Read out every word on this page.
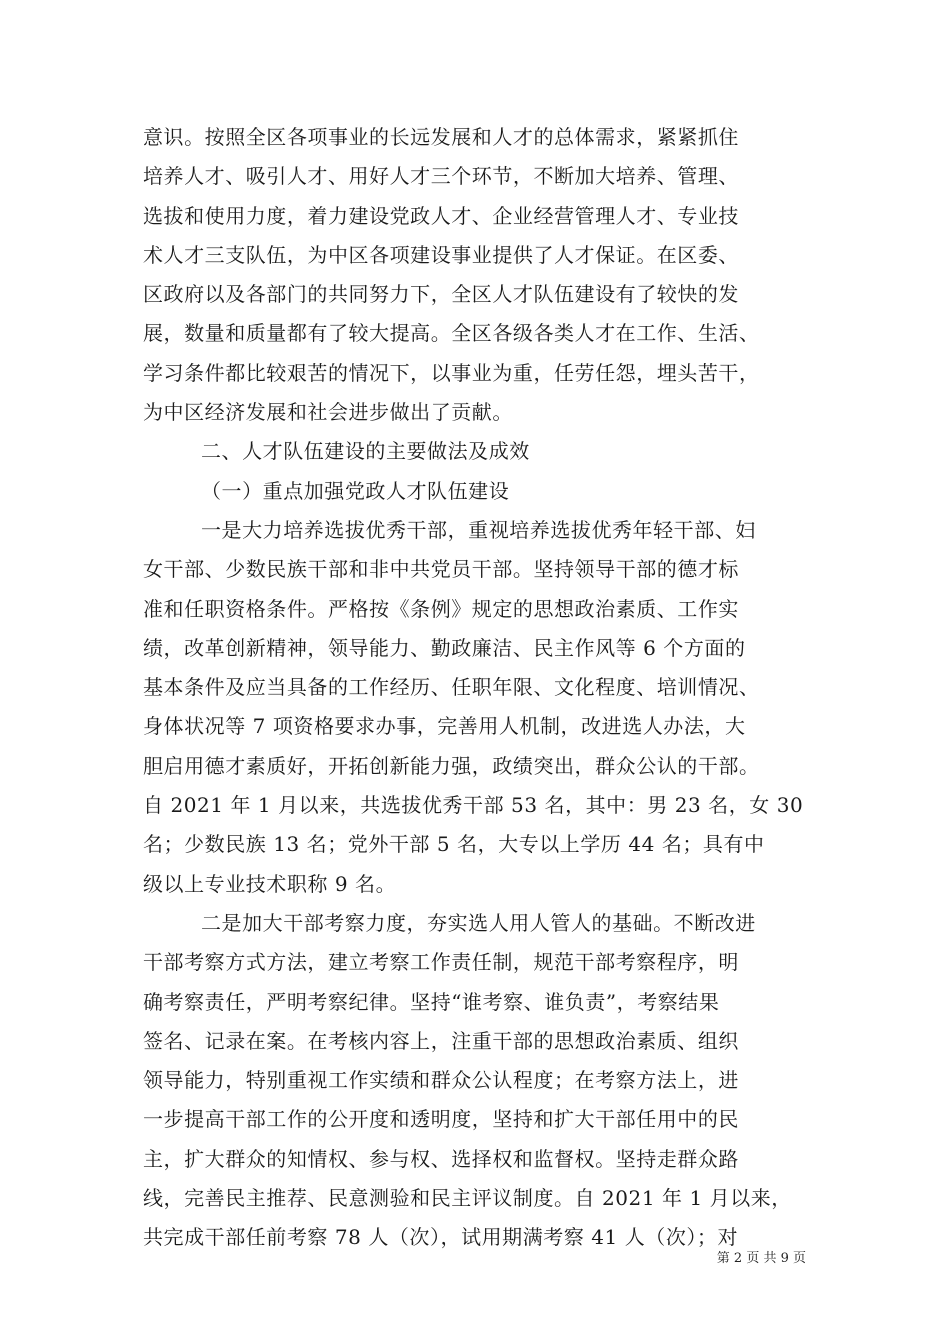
意识。按照全区各项事业的长远发展和人才的总体需求，紧紧抓住
培养人才、吸引人才、用好人才三个环节，不断加大培养、管理、
选拔和使用力度，着力建设党政人才、企业经营管理人才、专业技
术人才三支队伍，为中区各项建设事业提供了人才保证。在区委、
区政府以及各部门的共同努力下，全区人才队伍建设有了较快的发
展，数量和质量都有了较大提高。全区各级各类人才在工作、生活、
学习条件都比较艰苦的情况下，以事业为重，任劳任怨，埋头苦干，
为中区经济发展和社会进步做出了贡献。
二、人才队伍建设的主要做法及成效
（一）重点加强党政人才队伍建设
一是大力培养选拔优秀干部，重视培养选拔优秀年轻干部、妇
女干部、少数民族干部和非中共党员干部。坚持领导干部的德才标
准和任职资格条件。严格按《条例》规定的思想政治素质、工作实
绩，改革创新精神，领导能力、勤政廉洁、民主作风等 6 个方面的
基本条件及应当具备的工作经历、任职年限、文化程度、培训情况、
身体状况等 7 项资格要求办事，完善用人机制，改进选人办法，大
胆启用德才素质好，开拓创新能力强，政绩突出，群众公认的干部。
自 2021 年 1 月以来，共选拔优秀干部 53 名，其中：男 23 名，女 30
名；少数民族 13 名；党外干部 5 名，大专以上学历 44 名；具有中
级以上专业技术职称 9 名。
二是加大干部考察力度，夯实选人用人管人的基础。不断改进
干部考察方式方法，建立考察工作责任制，规范干部考察程序，明
确考察责任，严明考察纪律。坚持“谁考察、谁负责”，考察结果
签名、记录在案。在考核内容上，注重干部的思想政治素质、组织
领导能力，特别重视工作实绩和群众公认程度；在考察方法上，进
一步提高干部工作的公开度和透明度，坚持和扩大干部任用中的民
主，扩大群众的知情权、参与权、选择权和监督权。坚持走群众路
线，完善民主推荐、民意测验和民主评议制度。自 2021 年 1 月以来，
共完成干部任前考察 78 人（次），试用期满考察 41 人（次）；对
第 2 页 共 9 页
